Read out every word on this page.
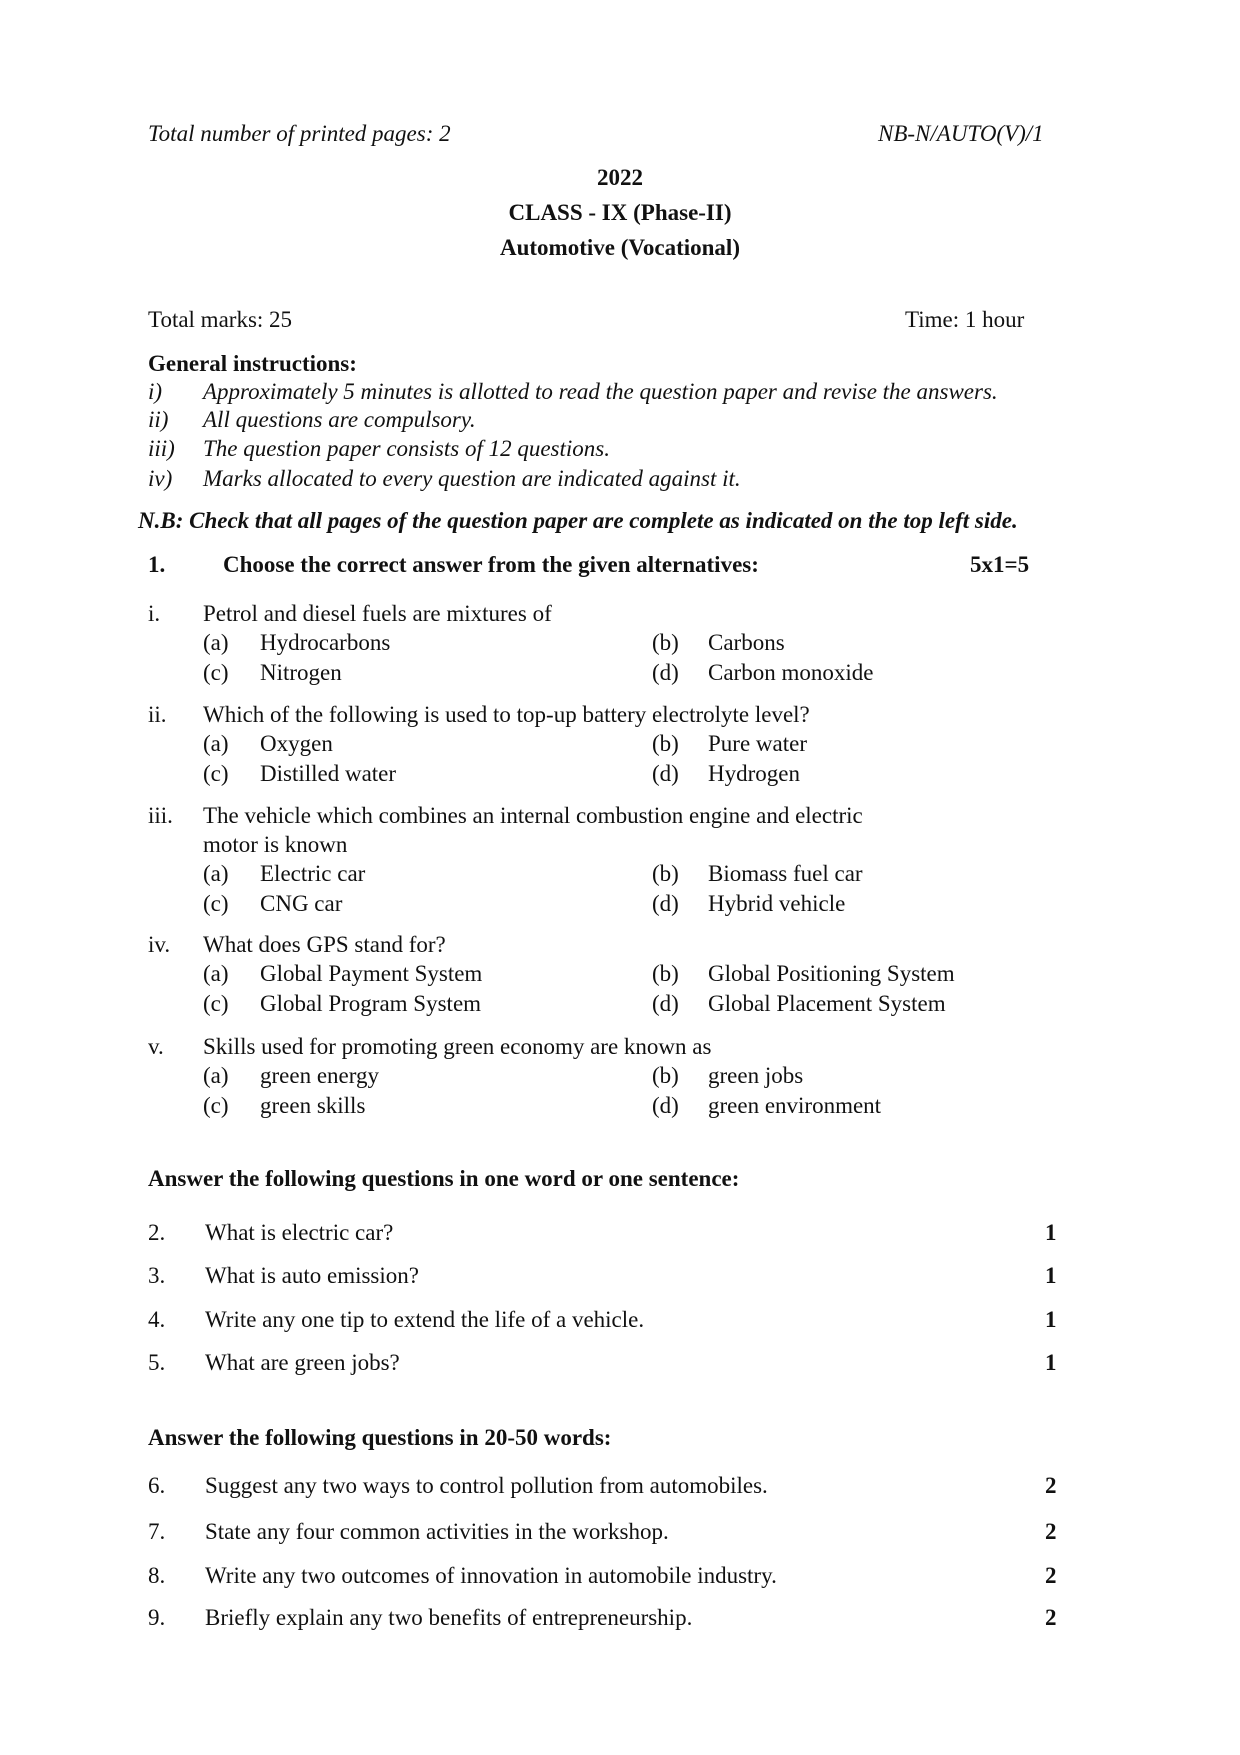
Total number of printed pages: 2	NB-N/AUTO(V)/1
2022
CLASS - IX (Phase-II)
Automotive (Vocational)
Total marks: 25	Time: 1 hour
General instructions:
i) Approximately 5 minutes is allotted to read the question paper and revise the answers.
ii) All questions are compulsory.
iii) The question paper consists of 12 questions.
iv) Marks allocated to every question are indicated against it.
N.B: Check that all pages of the question paper are complete as indicated on the top left side.
1.	Choose the correct answer from the given alternatives:	5x1=5
i. Petrol and diesel fuels are mixtures of
(a) Hydrocarbons	(b) Carbons
(c) Nitrogen	(d) Carbon monoxide
ii. Which of the following is used to top-up battery electrolyte level?
(a) Oxygen	(b) Pure water
(c) Distilled water	(d) Hydrogen
iii. The vehicle which combines an internal combustion engine and electric
motor is known
(a) Electric car	(b) Biomass fuel car
(c) CNG car	(d) Hybrid vehicle
iv. What does GPS stand for?
(a) Global Payment System	(b) Global Positioning System
(c) Global Program System	(d) Global Placement System
v. Skills used for promoting green economy are known as
(a) green energy	(b) green jobs
(c) green skills	(d) green environment
Answer the following questions in one word or one sentence:
2. What is electric car?	1
3. What is auto emission?	1
4. Write any one tip to extend the life of a vehicle.	1
5. What are green jobs?	1
Answer the following questions in 20-50 words:
6. Suggest any two ways to control pollution from automobiles.	2
7. State any four common activities in the workshop.	2
8. Write any two outcomes of innovation in automobile industry.	2
9. Briefly explain any two benefits of entrepreneurship.	2
